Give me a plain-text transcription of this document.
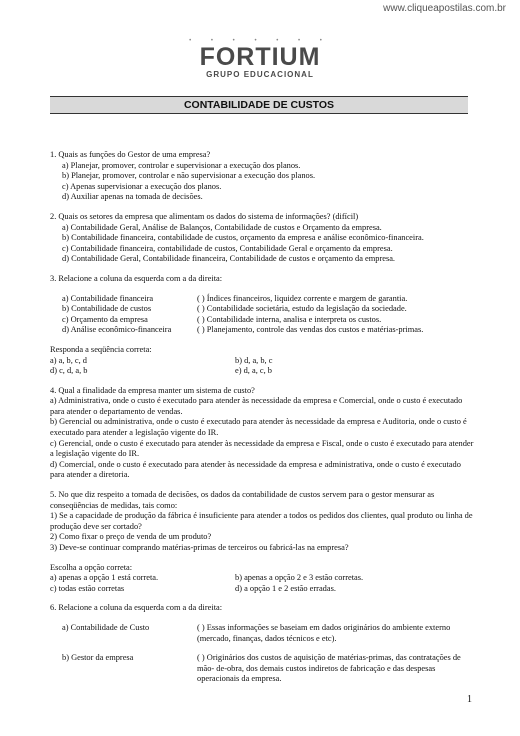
www.cliqueapostilas.com.br
• • • • • • •
FORTIUM
GRUPO EDUCACIONAL
CONTABILIDADE DE CUSTOS

1. Quais as funções do Gestor de uma empresa?

a) Planejar, promover, controlar e supervisionar a execução dos planos.
b) Planejar, promover, controlar e não supervisionar a execução dos planos.
c) Apenas supervisionar a execução dos planos.
d) Auxiliar apenas na tomada de decisões.

2. Quais os setores da empresa que alimentam os dados do sistema de informações? (difícil)

a) Contabilidade Geral, Análise de Balanços, Contabilidade de custos e Orçamento da empresa.
b) Contabilidade financeira, contabilidade de custos, orçamento da empresa e análise econômico-financeira.
c) Contabilidade financeira, contabilidade de custos, Contabilidade Geral e orçamento da empresa.
d) Contabilidade Geral, Contabilidade financeira, Contabilidade de custos e orçamento da empresa.

3. Relacione a coluna da esquerda com a da direita:

a) Contabilidade financeira	( ) Índices financeiros, liquidez corrente e margem de garantia.
b) Contabilidade de custos	( ) Contabilidade societária, estudo da legislação da sociedade.
c) Orçamento da empresa	( ) Contabilidade interna, analisa e interpreta os custos.
d) Análise econômico-financeira	( ) Planejamento, controle das vendas dos custos e matérias-primas.

Responda a seqüência correta:

a) a, b, c, d	b) d, a, b, c
d) c, d, a, b	e) d, a, c, b

4. Qual a finalidade da empresa manter um sistema de custo?

a) Administrativa, onde o custo é executado para atender às necessidade da empresa e Comercial, onde o custo é executado para atender o departamento de vendas.
b) Gerencial ou administrativa, onde o custo é executado para atender às necessidade da empresa e Auditoria, onde o custo é executado para atender a legislação vigente do IR.
c) Gerencial, onde o custo é executado para atender às necessidade da empresa e Fiscal, onde o custo é executado para atender a legislação vigente do IR.
d) Comercial, onde o custo é executado para atender às necessidade da empresa e administrativa, onde o custo é executado para atender a diretoria.

5. No que diz respeito a tomada de decisões, os dados da contabilidade de custos servem para o gestor mensurar as conseqüências de medidas, tais como:

1) Se a capacidade de produção da fábrica é insuficiente para atender a todos os pedidos dos clientes, qual produto ou linha de produção deve ser cortado?
2) Como fixar o preço de venda de um produto?
3) Deve-se continuar comprando matérias-primas de terceiros ou fabricá-las na empresa?

Escolha a opção correta:

a) apenas a opção 1 está correta.	b) apenas a opção 2 e 3 estão corretas.
c) todas estão corretas	d) a opção 1 e 2 estão erradas.

6. Relacione a coluna da esquerda com a da direita:

a) Contabilidade de Custo	( ) Essas informações se baseiam em dados originários do ambiente externo (mercado, finanças, dados técnicos e etc).
b) Gestor da empresa	( ) Originários dos custos de aquisição de matérias-primas, das contratações de mão- de-obra, dos demais custos indiretos de fabricação e das despesas operacionais da empresa.
1
